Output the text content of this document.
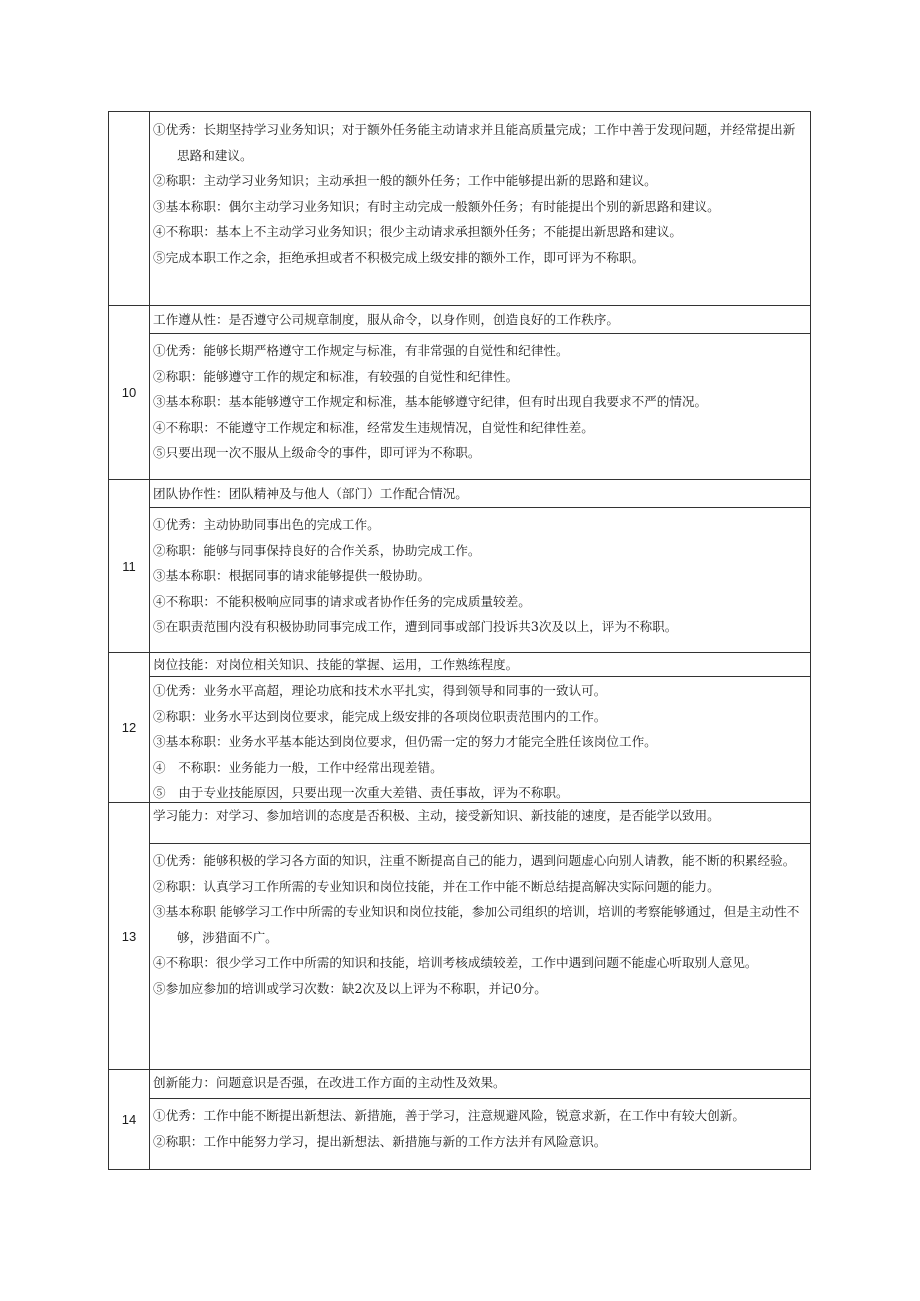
①优秀：长期坚持学习业务知识；对于额外任务能主动请求并且能高质量完成；工作中善于发现问题，并经常提出新思路和建议。

②称职：主动学习业务知识；主动承担一般的额外任务；工作中能够提出新的思路和建议。

③基本称职：偶尔主动学习业务知识；有时主动完成一般额外任务；有时能提出个别的新思路和建议。

④不称职：基本上不主动学习业务知识；很少主动请求承担额外任务；不能提出新思路和建议。

⑤完成本职工作之余，拒绝承担或者不积极完成上级安排的额外工作，即可评为不称职。

10
工作遵从性：是否遵守公司规章制度，服从命令，以身作则，创造良好的工作秩序。

①优秀：能够长期严格遵守工作规定与标准，有非常强的自觉性和纪律性。

②称职：能够遵守工作的规定和标准，有较强的自觉性和纪律性。

③基本称职：基本能够遵守工作规定和标准，基本能够遵守纪律，但有时出现自我要求不严的情况。

④不称职：不能遵守工作规定和标准，经常发生违规情况，自觉性和纪律性差。

⑤只要出现一次不服从上级命令的事件，即可评为不称职。

11
团队协作性：团队精神及与他人（部门）工作配合情况。

①优秀：主动协助同事出色的完成工作。

②称职：能够与同事保持良好的合作关系，协助完成工作。

③基本称职：根据同事的请求能够提供一般协助。

④不称职：不能积极响应同事的请求或者协作任务的完成质量较差。

⑤在职责范围内没有积极协助同事完成工作，遭到同事或部门投诉共3次及以上，评为不称职。

12
岗位技能：对岗位相关知识、技能的掌握、运用，工作熟练程度。

①优秀：业务水平高超，理论功底和技术水平扎实，得到领导和同事的一致认可。

②称职：业务水平达到岗位要求，能完成上级安排的各项岗位职责范围内的工作。

③基本称职：业务水平基本能达到岗位要求，但仍需一定的努力才能完全胜任该岗位工作。

④　不称职：业务能力一般，工作中经常出现差错。

⑤　由于专业技能原因，只要出现一次重大差错、责任事故，评为不称职。

13
学习能力：对学习、参加培训的态度是否积极、主动，接受新知识、新技能的速度，是否能学以致用。

①优秀：能够积极的学习各方面的知识，注重不断提高自己的能力，遇到问题虚心向别人请教，能不断的积累经验。

②称职：认真学习工作所需的专业知识和岗位技能，并在工作中能不断总结提高解决实际问题的能力。

③基本称职 能够学习工作中所需的专业知识和岗位技能，参加公司组织的培训，培训的考察能够通过，但是主动性不够，涉猎面不广。

④不称职：很少学习工作中所需的知识和技能，培训考核成绩较差，工作中遇到问题不能虚心听取别人意见。

⑤参加应参加的培训或学习次数：缺2次及以上评为不称职，并记0分。

14
创新能力：问题意识是否强，在改进工作方面的主动性及效果。

①优秀：工作中能不断提出新想法、新措施，善于学习，注意规避风险，锐意求新，在工作中有较大创新。

②称职：工作中能努力学习，提出新想法、新措施与新的工作方法并有风险意识。
